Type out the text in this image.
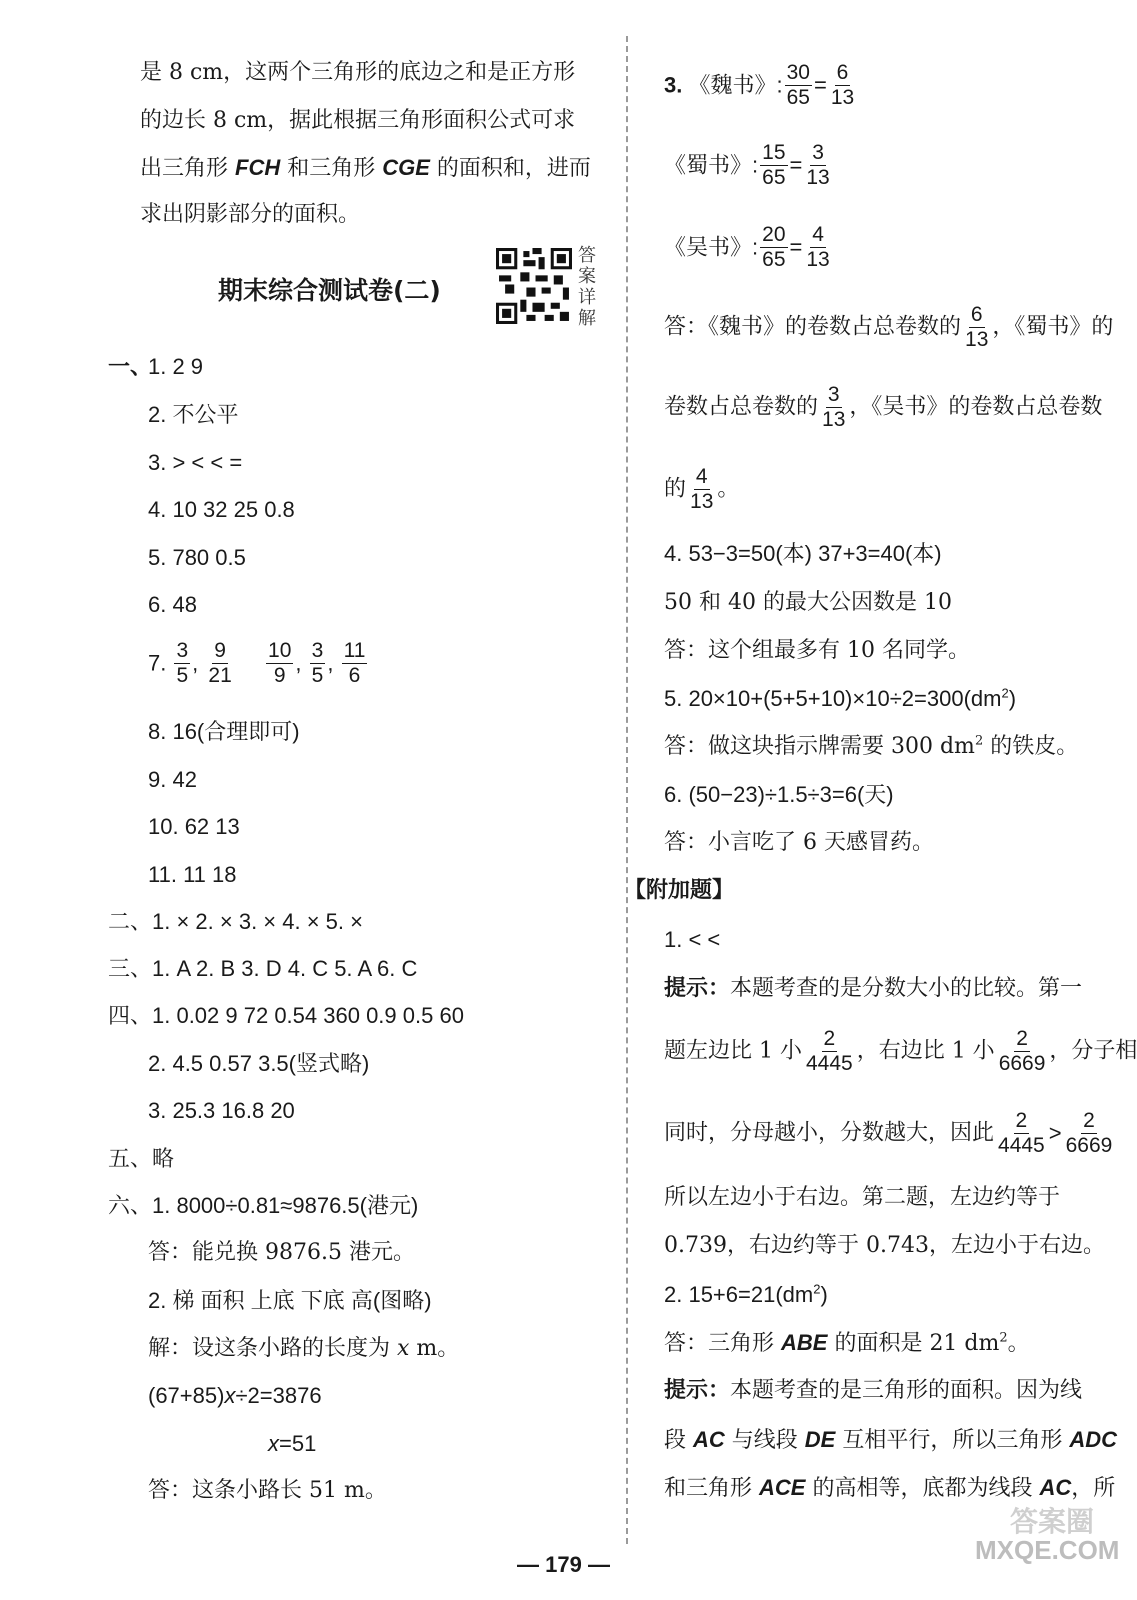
是 8 cm，这两个三角形的底边之和是正方形
的边长 8 cm，据此根据三角形面积公式可求
出三角形 FCH 和三角形 CGE 的面积和，进而
求出阴影部分的面积。
期末综合测试卷(二)
答案详解
一、
1. 2 9
2. 不公平
3. > < < =
4. 10 32 25 0.8
5. 780 0.5
6. 48
7. $\frac{3}{5}$ , $\frac{9}{21}$
$\frac{10}{9}$ , $\frac{3}{5}$ , $\frac{11}{6}$
8. 16(合理即可)
9. 42
10. 62 13
11. 11 18
二、1. × 2. × 3. × 4. × 5. ×
三、1. A 2. B 3. D 4. C 5. A 6. C
四、1. 0.02 9 72 0.54 360 0.9 0.5 60
2. 4.5 0.57 3.5(竖式略)
3. 25.3 16.8 20
五、略
六、1. 8000÷0.81≈9876.5(港元)
答：能兑换 9876.5 港元。
2. 梯 面积 上底 下底 高(图略)
解：设这条小路的长度为 x m。
(67+85)x÷2=3876
x=51
答：这条小路长 51 m。
3. 《魏书》: $\frac{30}{65} = \frac{6}{13}$
《蜀书》: $\frac{15}{65} = \frac{3}{13}$
《吴书》: $\frac{20}{65} = \frac{4}{13}$
答：《魏书》的卷数占总卷数的 $\frac{6}{13}$ ，《蜀书》的
卷数占总卷数的 $\frac{3}{13}$ ，《吴书》的卷数占总卷数
的 $\frac{4}{13}$ 。
4. 53−3=50(本) 37+3=40(本)
50 和 40 的最大公因数是 10
答：这个组最多有 10 名同学。
5. $20\times 10+(5+5+10)\times 10\div 2=300(dm^2)$
答：做这块指示牌需要 300 $dm^2$ 的铁皮。
6. (50−23)÷1.5÷3=6(天)
答：小言吃了 6 天感冒药。
【附加题】
1. < <
提示：本题考查的是分数大小的比较。第一
题左边比 1 小 $\frac{2}{4445}$ ，右边比 1 小 $\frac{2}{6669}$ ，分子相
同时，分母越小，分数越大，因此 $\frac{2}{4445} > \frac{2}{6669}$
所以左边小于右边。第二题，左边约等于
0.739，右边约等于 0.743，左边小于右边。
2. $15+6=21(dm^2)$
答：三角形 ABE 的面积是 21 $dm^2$。
提示：本题考查的是三角形的面积。因为线
段 AC 与线段 DE 互相平行，所以三角形 ADC
和三角形 ACE 的高相等，底都为线段 AC，所
答案圈
MXQE.COM
— 179 —
